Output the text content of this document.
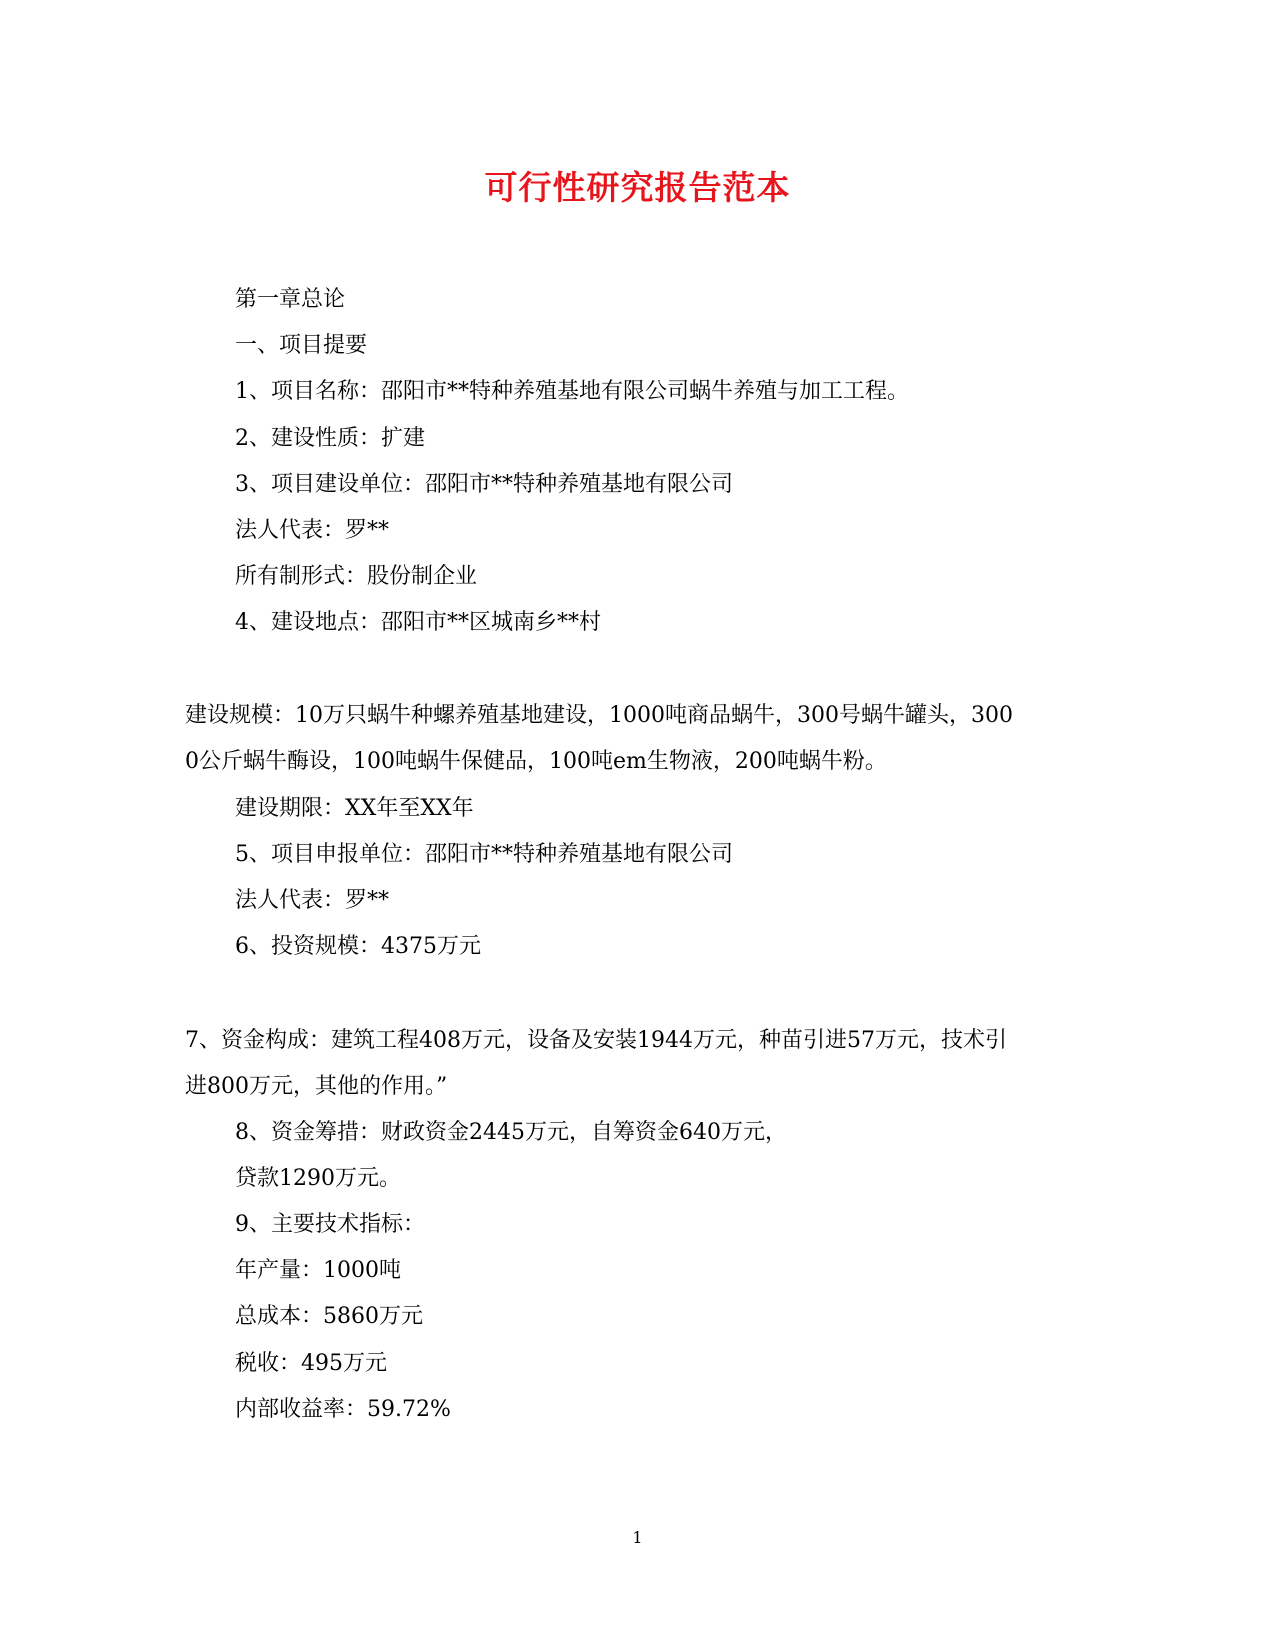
可行性研究报告范本
第一章总论
一、项目提要
1、项目名称：邵阳市**特种养殖基地有限公司蜗牛养殖与加工工程。
2、建设性质：扩建
3、项目建设单位：邵阳市**特种养殖基地有限公司
法人代表：罗**
所有制形式：股份制企业
4、建设地点：邵阳市**区城南乡**村
建设规模：10万只蜗牛种螺养殖基地建设，1000吨商品蜗牛，300号蜗牛罐头，300
0公斤蜗牛酶设，100吨蜗牛保健品，100吨em生物液，200吨蜗牛粉。
建设期限：XX年至XX年
5、项目申报单位：邵阳市**特种养殖基地有限公司
法人代表：罗**
6、投资规模：4375万元
7、资金构成：建筑工程408万元，设备及安装1944万元，种苗引进57万元，技术引
进800万元，其他的作用。”
8、资金筹措：财政资金2445万元，自筹资金640万元，
贷款1290万元。
9、主要技术指标：
年产量：1000吨
总成本：5860万元
税收：495万元
内部收益率：59.72%
1
